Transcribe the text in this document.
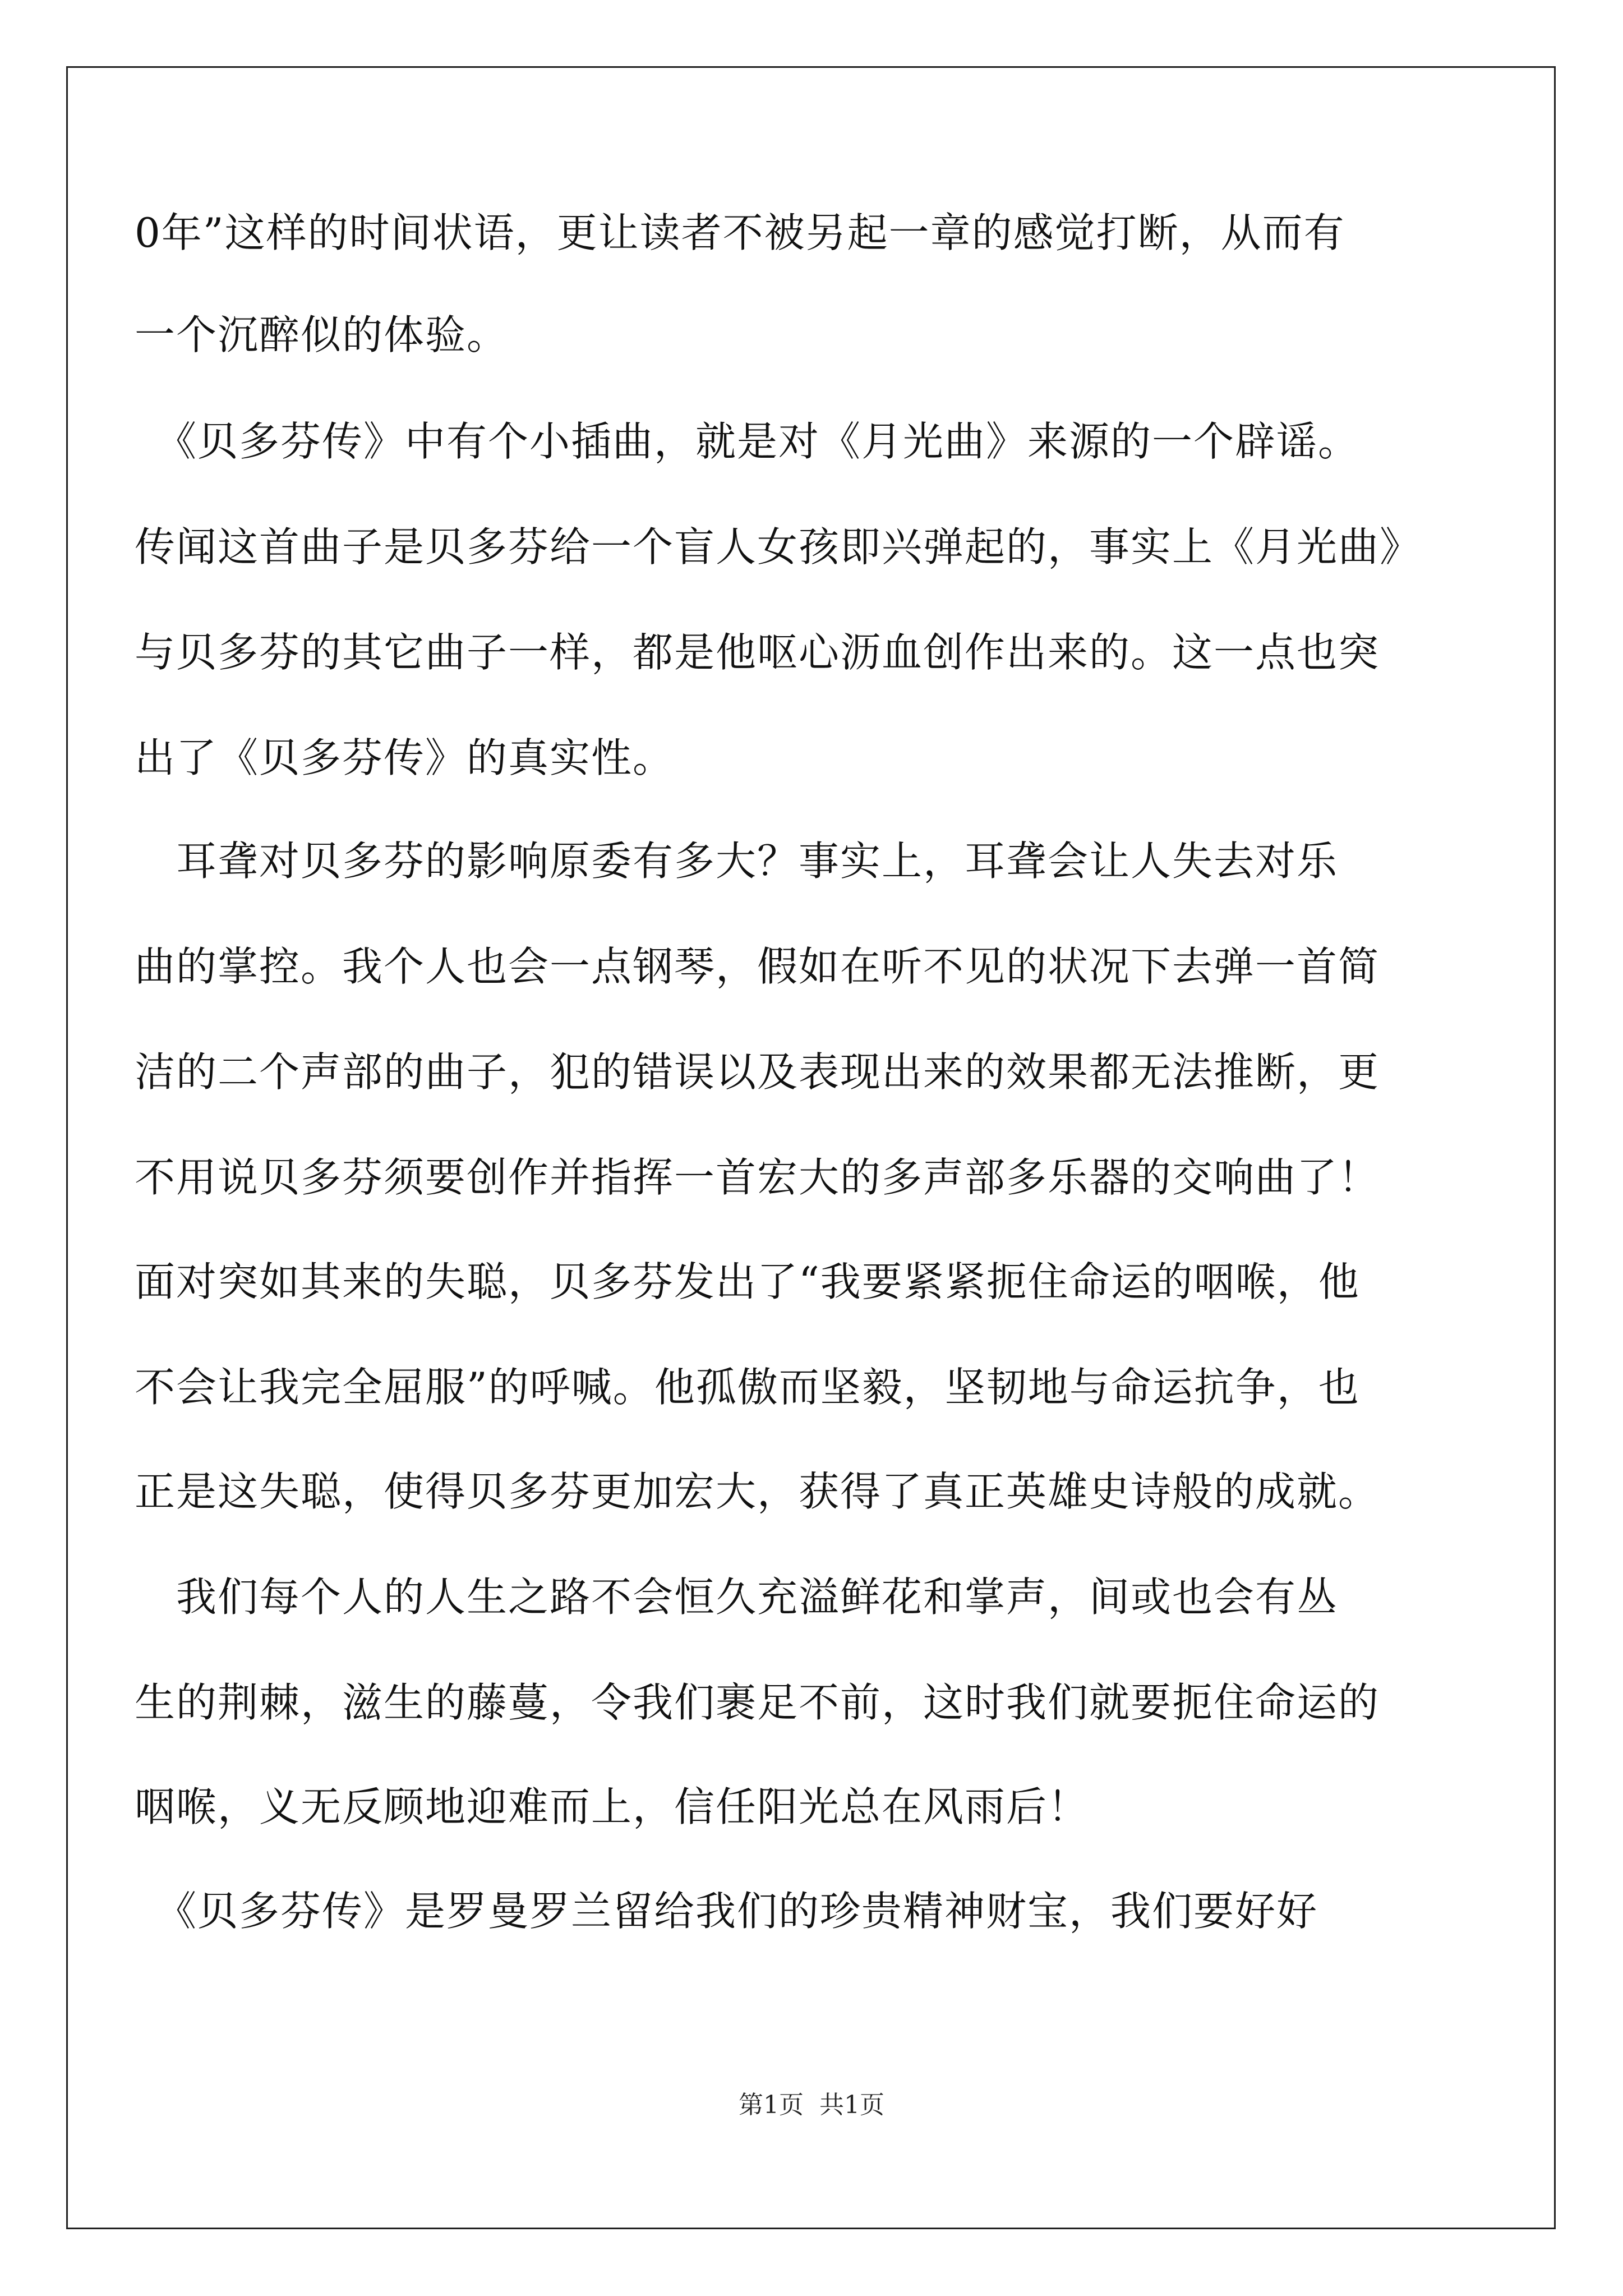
0年”这样的时间状语，更让读者不被另起一章的感觉打断，从而有
一个沉醉似的体验。
　《贝多芬传》中有个小插曲，就是对《月光曲》来源的一个辟谣。
传闻这首曲子是贝多芬给一个盲人女孩即兴弹起的，事实上《月光曲》
与贝多芬的其它曲子一样，都是他呕心沥血创作出来的。这一点也突
出了《贝多芬传》的真实性。
　耳聋对贝多芬的影响原委有多大？事实上，耳聋会让人失去对乐
曲的掌控。我个人也会一点钢琴，假如在听不见的状况下去弹一首简
洁的二个声部的曲子，犯的错误以及表现出来的效果都无法推断，更
不用说贝多芬须要创作并指挥一首宏大的多声部多乐器的交响曲了！
面对突如其来的失聪，贝多芬发出了“我要紧紧扼住命运的咽喉，他
不会让我完全屈服”的呼喊。他孤傲而坚毅，坚韧地与命运抗争，也
正是这失聪，使得贝多芬更加宏大，获得了真正英雄史诗般的成就。
　我们每个人的人生之路不会恒久充溢鲜花和掌声，间或也会有丛
生的荆棘，滋生的藤蔓，令我们裹足不前，这时我们就要扼住命运的
咽喉，义无反顾地迎难而上，信任阳光总在风雨后！
　《贝多芬传》是罗曼罗兰留给我们的珍贵精神财宝，我们要好好
第1页 共1页
